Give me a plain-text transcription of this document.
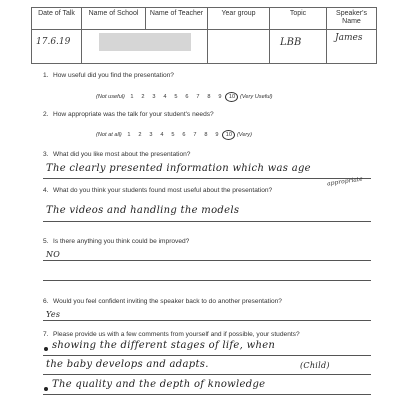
Date of Talk	Name of School	Name of Teacher	Year group	Topic	Speaker's Name
17.6.19				LBB	James
1. How useful did you find the presentation?
(Not useful) 1 2 3 4 5 6 7 8 9 10 (Very Useful)
2. How appropriate was the talk for your student's needs?
(Not at all) 1 2 3 4 5 6 7 8 9 10 (Very)
3. What did you like most about the presentation?
The clearly presented information which was age
appropriate
4. What do you think your students found most useful about the presentation?
The videos and handling the models
5. Is there anything you think could be improved?
NO
6. Would you feel confident inviting the speaker back to do another presentation?
Yes
7. Please provide us with a few comments from yourself and if possible, your students?
showing the different stages of life, when
the baby develops and adapts.	(Child)
The quality and the depth of knowledge
